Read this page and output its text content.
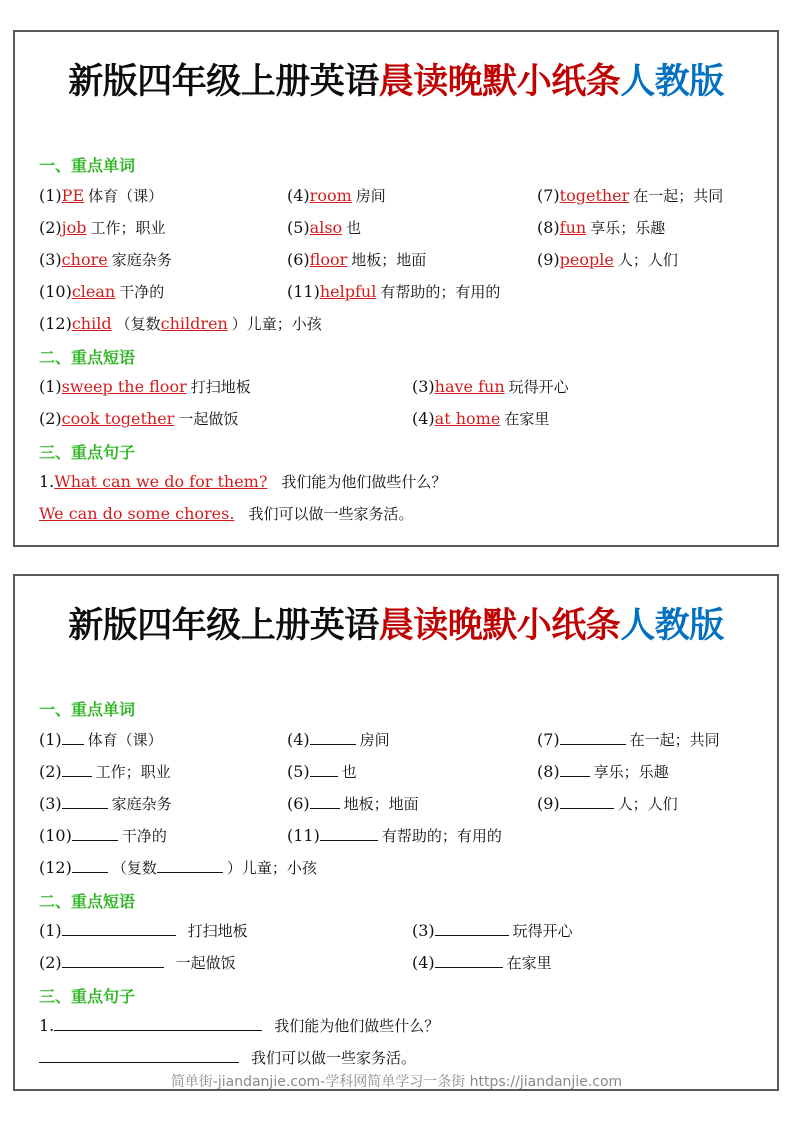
新版四年级上册英语晨读晚默小纸条人教版
一、重点单词
(1)PE 体育（课）	(4)room 房间	(7)together 在一起；共同
(2)job 工作；职业	(5)also 也	(8)fun 享乐；乐趣
(3)chore 家庭杂务	(6)floor 地板；地面	(9)people 人；人们
(10)clean 干净的	(11)helpful 有帮助的；有用的
(12)child （复数children ）儿童；小孩
二、重点短语
(1)sweep the floor 打扫地板	(3)have fun 玩得开心
(2)cook together 一起做饭	(4)at home 在家里
三、重点句子
1.What can we do for them? 我们能为他们做些什么？
We can do some chores. 我们可以做一些家务活。
新版四年级上册英语晨读晚默小纸条人教版
一、重点单词
(1) 体育（课）	(4)	房间	(7)	在一起；共同
(2) 工作；职业	(5) 也	(8) 享乐；乐趣
(3)	家庭杂务	(6) 地板；地面	(9)	人；人们
(10)	干净的	(11)	有帮助的；有用的
(12)	（复数	）儿童；小孩
二、重点短语
(1)	打扫地板	(3)	玩得开心
(2)	一起做饭	(4)	在家里
三、重点句子
1.	我们能为他们做些什么？
我们可以做一些家务活。
简单街-jiandanjie.com-学科网简单学习一条街 https://jiandanjie.com
